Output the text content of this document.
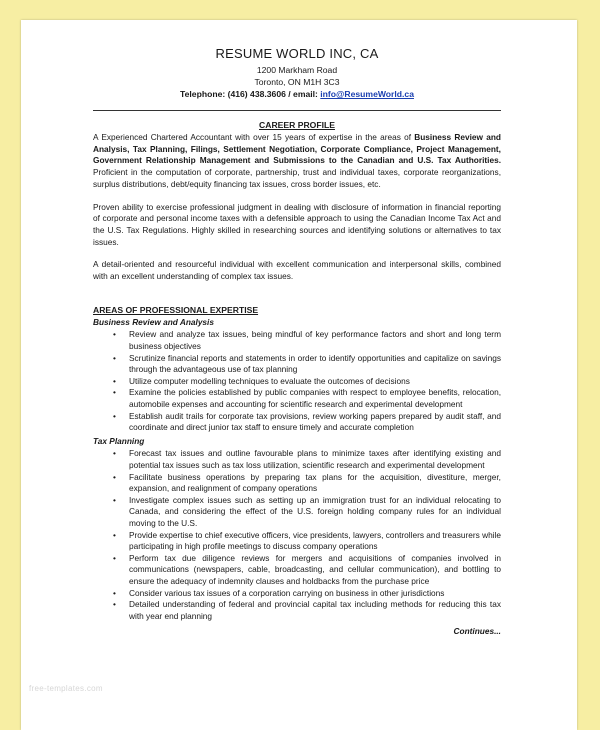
RESUME WORLD INC, CA
1200 Markham Road
Toronto, ON M1H 3C3
Telephone: (416) 438.3606 / email: info@ResumeWorld.ca
CAREER PROFILE

A Experienced Chartered Accountant with over 15 years of expertise in the areas of Business Review and Analysis, Tax Planning, Filings, Settlement Negotiation, Corporate Compliance, Project Management, Government Relationship Management and Submissions to the Canadian and U.S. Tax Authorities. Proficient in the computation of corporate, partnership, trust and individual taxes, corporate reorganizations, surplus distributions, debt/equity financing tax issues, cross border issues, etc.

Proven ability to exercise professional judgment in dealing with disclosure of information in financial reporting of corporate and personal income taxes with a defensible approach to using the Canadian Income Tax Act and the U.S. Tax Regulations. Highly skilled in researching sources and identifying solutions or alternatives to tax issues.

A detail-oriented and resourceful individual with excellent communication and interpersonal skills, combined with an excellent understanding of complex tax issues.

AREAS OF PROFESSIONAL EXPERTISE
Business Review and Analysis
• Review and analyze tax issues, being mindful of key performance factors and short and long term business objectives
• Scrutinize financial reports and statements in order to identify opportunities and capitalize on savings through the advantageous use of tax planning
• Utilize computer modelling techniques to evaluate the outcomes of decisions
• Examine the policies established by public companies with respect to employee benefits, relocation, automobile expenses and accounting for scientific research and experimental development
• Establish audit trails for corporate tax provisions, review working papers prepared by audit staff, and coordinate and direct junior tax staff to ensure timely and accurate completion
Tax Planning
• Forecast tax issues and outline favourable plans to minimize taxes after identifying existing and potential tax issues such as tax loss utilization, scientific research and experimental development
• Facilitate business operations by preparing tax plans for the acquisition, divestiture, merger, expansion, and realignment of company operations
• Investigate complex issues such as setting up an immigration trust for an individual relocating to Canada, and considering the effect of the U.S. foreign holding company rules for an individual moving to the U.S.
• Provide expertise to chief executive officers, vice presidents, lawyers, controllers and treasurers while participating in high profile meetings to discuss company operations
• Perform tax due diligence reviews for mergers and acquisitions of companies involved in communications (newspapers, cable, broadcasting, and cellular communication), and bottling to ensure the adequacy of indemnity clauses and holdbacks from the purchase price
• Consider various tax issues of a corporation carrying on business in other jurisdictions
• Detailed understanding of federal and provincial capital tax including methods for reducing this tax with year end planning
Continues...
free-templates.com
